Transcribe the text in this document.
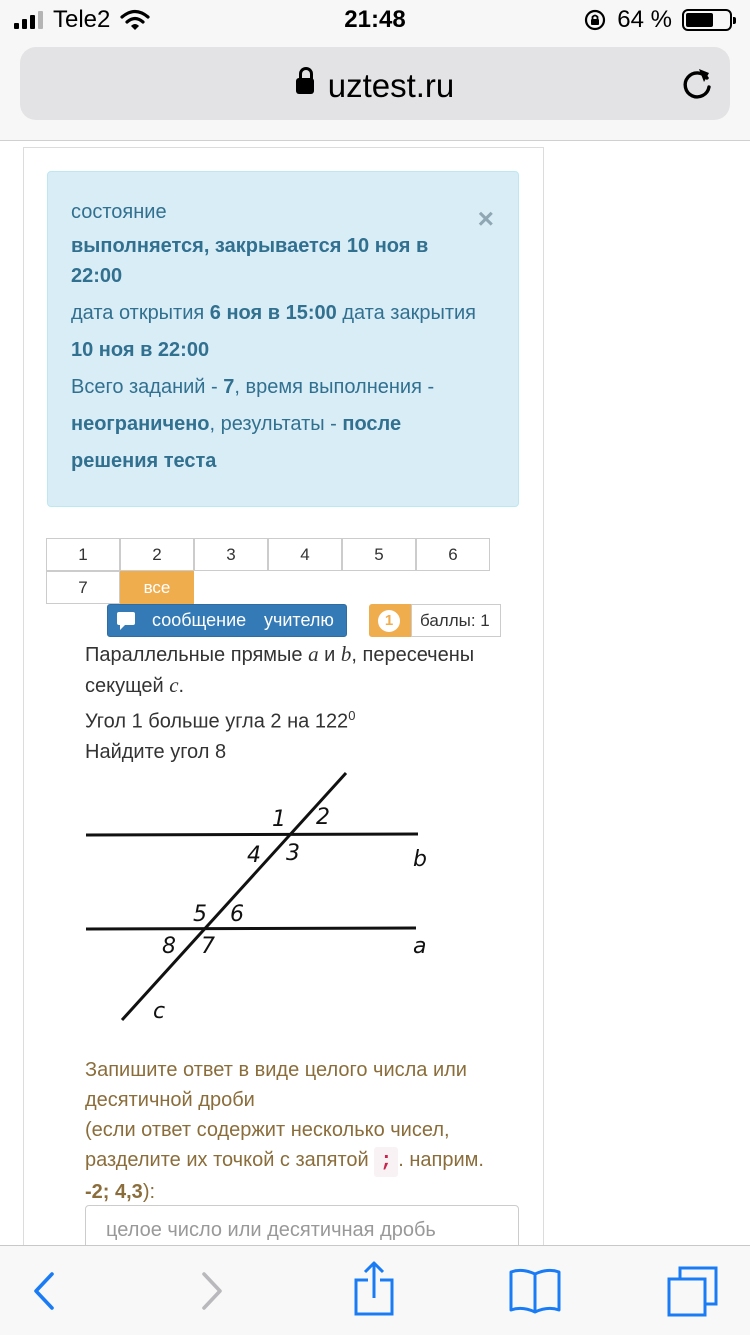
Tele2	21:48	64 %
uztest.ru
×
состояние
выполняется, закрывается 10 ноя в 22:00
дата открытия 6 ноя в 15:00 дата закрытия 10 ноя в 22:00
Всего заданий - 7, время выполнения - неограничено, результаты - после решения теста
1	2	3	4	5	6
7	все
сообщение учителю	1	баллы: 1
Параллельные прямые a и b, пересечены
секущей c.
Угол 1 больше угла 2 на $122^0$
Найдите угол 8
1 2
3
4
5 6
7
8
b
a
c
Запишите ответ в виде целого числа или десятичной дроби
(если ответ содержит несколько чисел, разделите их точкой с запятой ; . наприм.
-2; 4,3):
целое число или десятичная дробь
